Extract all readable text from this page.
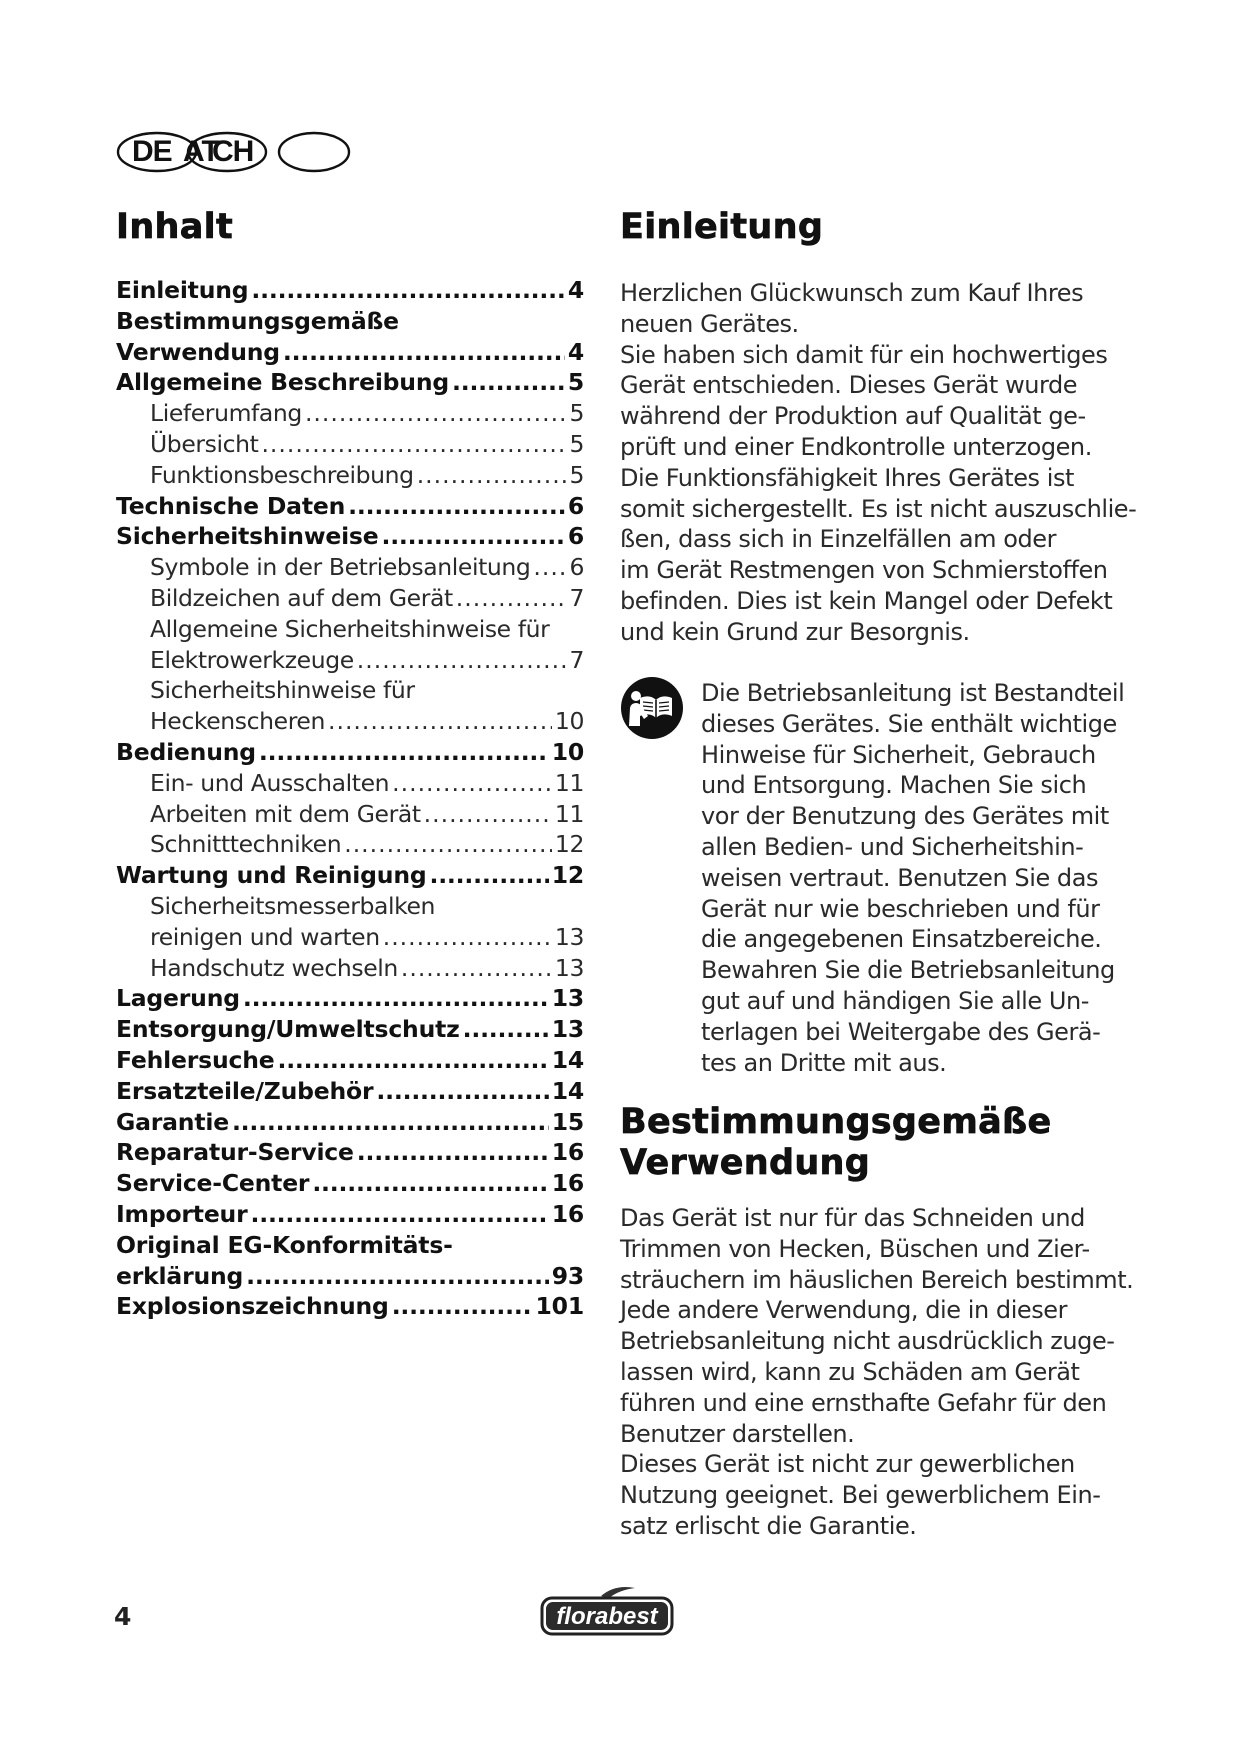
DE AT
CH
Inhalt
Einleitung .....	4
Bestimmungsgemäße
Verwendung .....	4
Allgemeine Beschreibung .....	5
Lieferumfang .....	5
Übersicht .....	5
Funktionsbeschreibung .....	5
Technische Daten .....	6
Sicherheitshinweise .....	6
Symbole in der Betriebsanleitung ..... 6
Bildzeichen auf dem Gerät .....	7
Allgemeine Sicherheitshinweise für
Elektrowerkzeuge .....	7
Sicherheitshinweise für
Heckenscheren .....	10
Bedienung .....	10
Ein- und Ausschalten .....	11
Arbeiten mit dem Gerät .....	11
Schnitttechniken .....	12
Wartung und Reinigung .....	12
Sicherheitsmesserbalken
reinigen und warten .....	13
Handschutz wechseln .....	13
Lagerung .....	13
Entsorgung/Umweltschutz .....	13
Fehlersuche .....	14
Ersatzteile/Zubehör .....	14
Garantie .....	15
Reparatur-Service .....	16
Service-Center .....	16
Importeur .....	16
Original EG-Konformitäts-
erklärung .....	93
Explosionszeichnung .....	101
Einleitung

Herzlichen Glückwunsch zum Kauf Ihres
neuen Gerätes.
Sie haben sich damit für ein hochwertiges
Gerät entschieden. Dieses Gerät wurde
während der Produktion auf Qualität ge-
prüft und einer Endkontrolle unterzogen.
Die Funktionsfähigkeit Ihres Gerätes ist
somit sichergestellt. Es ist nicht auszuschlie-
ßen, dass sich in Einzelfällen am oder
im Gerät Restmengen von Schmierstoffen
befinden. Dies ist kein Mangel oder Defekt
und kein Grund zur Besorgnis.

Die Betriebsanleitung ist Bestandteil
dieses Gerätes. Sie enthält wichtige
Hinweise für Sicherheit, Gebrauch
und Entsorgung. Machen Sie sich
vor der Benutzung des Gerätes mit
allen Bedien- und Sicherheitshin-
weisen vertraut. Benutzen Sie das
Gerät nur wie beschrieben und für
die angegebenen Einsatzbereiche.
Bewahren Sie die Betriebsanleitung
gut auf und händigen Sie alle Un-
terlagen bei Weitergabe des Gerä-
tes an Dritte mit aus.

Bestimmungsgemäße
Verwendung

Das Gerät ist nur für das Schneiden und
Trimmen von Hecken, Büschen und Zier-
sträuchern im häuslichen Bereich bestimmt.
Jede andere Verwendung, die in dieser
Betriebsanleitung nicht ausdrücklich zuge-
lassen wird, kann zu Schäden am Gerät
führen und eine ernsthafte Gefahr für den
Benutzer darstellen.
Dieses Gerät ist nicht zur gewerblichen
Nutzung geeignet. Bei gewerblichem Ein-
satz erlischt die Garantie.

4	florabest
